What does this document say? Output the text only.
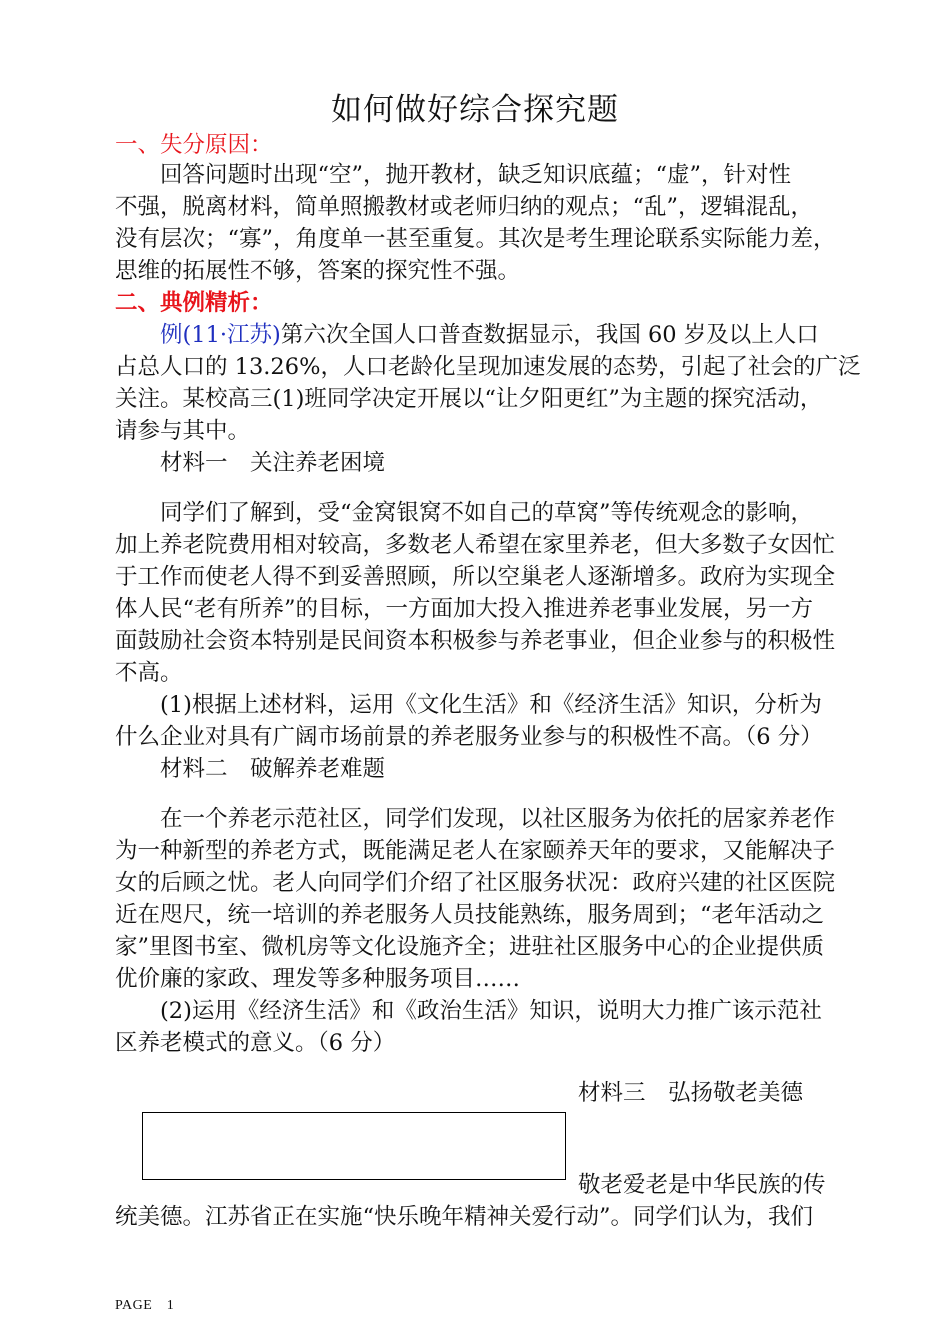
如何做好综合探究题
一、失分原因：
　　回答问题时出现“空”，抛开教材，缺乏知识底蕴；“虚”，针对性
不强，脱离材料，简单照搬教材或老师归纳的观点；“乱”，逻辑混乱，
没有层次；“寡”，角度单一甚至重复。其次是考生理论联系实际能力差，
思维的拓展性不够，答案的探究性不强。
二、典例精析：
　　例(11·江苏)第六次全国人口普查数据显示，我国 60 岁及以上人口
占总人口的 13.26%，人口老龄化呈现加速发展的态势，引起了社会的广泛
关注。某校高三(1)班同学决定开展以“让夕阳更红”为主题的探究活动，
请参与其中。
　　材料一　关注养老困境
　　同学们了解到，受“金窝银窝不如自己的草窝”等传统观念的影响，
加上养老院费用相对较高，多数老人希望在家里养老，但大多数子女因忙
于工作而使老人得不到妥善照顾，所以空巢老人逐渐增多。政府为实现全
体人民“老有所养”的目标，一方面加大投入推进养老事业发展，另一方
面鼓励社会资本特别是民间资本积极参与养老事业，但企业参与的积极性
不高。
　　(1)根据上述材料，运用《文化生活》和《经济生活》知识，分析为
什么企业对具有广阔市场前景的养老服务业参与的积极性不高。（6 分）
　　材料二　破解养老难题
　　在一个养老示范社区，同学们发现，以社区服务为依托的居家养老作
为一种新型的养老方式，既能满足老人在家颐养天年的要求，又能解决子
女的后顾之忧。老人向同学们介绍了社区服务状况：政府兴建的社区医院
近在咫尺，统一培训的养老服务人员技能熟练，服务周到；“老年活动之
家”里图书室、微机房等文化设施齐全；进驻社区服务中心的企业提供质
优价廉的家政、理发等多种服务项目……
　　(2)运用《经济生活》和《政治生活》知识，说明大力推广该示范社
区养老模式的意义。（6 分）
材料三　弘扬敬老美德
敬老爱老是中华民族的传
统美德。江苏省正在实施“快乐晚年精神关爱行动”。同学们认为，我们
PAGE　1
